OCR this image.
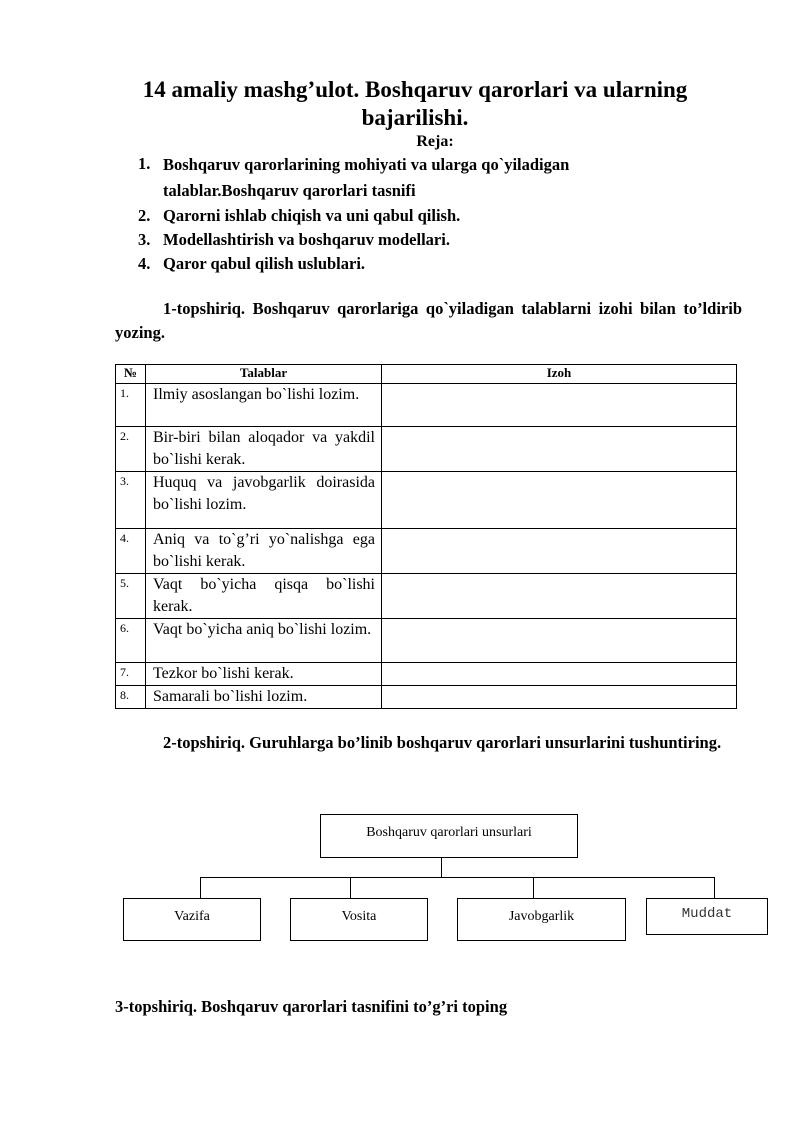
14 amaliy mashg’ulot. Boshqaruv qarorlari va ularning bajarilishi.
Reja:
1. Boshqaruv qarorlarining mohiyati va ularga qo`yiladigan talablar.Boshqaruv qarorlari tasnifi
2. Qarorni ishlab chiqish va uni qabul qilish.
3. Modellashtirish va boshqaruv modellari.
4. Qaror qabul qilish uslublari.
1-topshiriq. Boshqaruv qarorlariga qo`yiladigan talablarni izohi bilan to’ldirib yozing.
№	Talablar	Izoh
1.	Ilmiy asoslangan bo`lishi lozim.	

2.	Bir-biri bilan aloqador va yakdil bo`lishi kerak.	

3.	Huquq va javobgarlik doirasida bo`lishi lozim.	

4.	Aniq va to`g’ri yo`nalishga ega bo`lishi kerak.	

5.	Vaqt bo`yicha qisqa bo`lishi kerak.	

6.	Vaqt bo`yicha aniq bo`lishi lozim.	

7.	Tezkor bo`lishi kerak.	

8.	Samarali bo`lishi lozim.	

2-topshiriq. Guruhlarga bo’linib boshqaruv qarorlari unsurlarini tushuntiring.
Boshqaruv qarorlari unsurlari
Vazifa	Vosita	Javobgarlik	Muddat
3-topshiriq. Boshqaruv qarorlari tasnifini to’g’ri toping
